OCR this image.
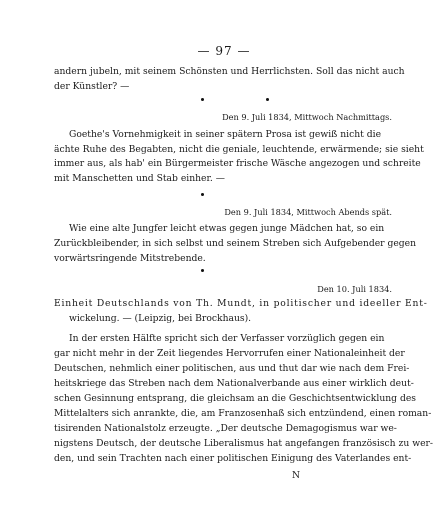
— 97 —
andern jubeln, mit seinem Schönsten und Herrlichsten. Soll das nicht auch
der Künstler? —
Den 9. Juli 1834, Mittwoch Nachmittags.
Goethe's Vornehmigkeit in seiner spätern Prosa ist gewiß nicht die
ächte Ruhe des Begabten, nicht die geniale, leuchtende, erwärmende; sie sieht
immer aus, als hab' ein Bürgermeister frische Wäsche angezogen und schreite
mit Manschetten und Stab einher. —
Den 9. Juli 1834, Mittwoch Abends spät.
Wie eine alte Jungfer leicht etwas gegen junge Mädchen hat, so ein
Zurückbleibender, in sich selbst und seinem Streben sich Aufgebender gegen
vorwärtsringende Mitstrebende.
Den 10. Juli 1834.
Einheit Deutschlands von Th. Mundt, in politischer und ideeller Ent-
wickelung. — (Leipzig, bei Brockhaus).
In der ersten Hälfte spricht sich der Verfasser vorzüglich gegen ein
gar nicht mehr in der Zeit liegendes Hervorrufen einer Nationaleinheit der
Deutschen, nehmlich einer politischen, aus und thut dar wie nach dem Frei-
heitskriege das Streben nach dem Nationalverbande aus einer wirklich deut-
schen Gesinnung entsprang, die gleichsam an die Geschichtsentwicklung des
Mittelalters sich anrankte, die, am Franzosenhaß sich entzündend, einen roman-
tisirenden Nationalstolz erzeugte. „Der deutsche Demagogismus war we-
nigstens Deutsch, der deutsche Liberalismus hat angefangen französisch zu wer-
den, und sein Trachten nach einer politischen Einigung des Vaterlandes ent-
N
